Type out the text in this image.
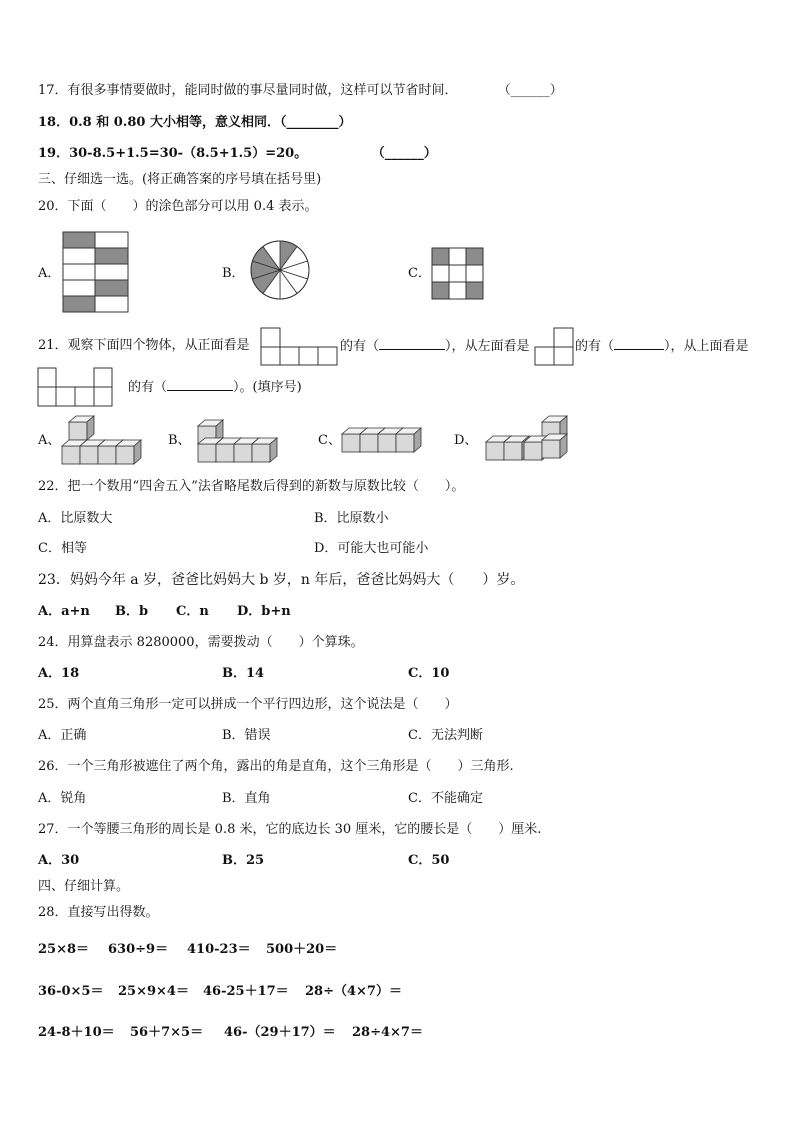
17．有很多事情要做时，能同时做的事尽量同时做，这样可以节省时间．	（______）
18．0.8 和 0.80 大小相等，意义相同．（________）
19．30-8.5+1.5=30-（8.5+1.5）=20。	（______）
三、仔细选一选。(将正确答案的序号填在括号里)
20．下面（　　）的涂色部分可以用 0.4 表示。
A．	B．	C．
21．观察下面四个物体，从正面看是	的有（	），从左面看是	的有（	），从上面看是
的有（	）。(填序号)
A、	B、	C、	D、
22．把一个数用“四舍五入”法省略尾数后得到的新数与原数比较（　　）。
A．比原数大	B．比原数小
C．相等	D．可能大也可能小
23．妈妈今年 a 岁，爸爸比妈妈大 b 岁，n 年后，爸爸比妈妈大（　　）岁。
A．a+n B．b C．n D．b+n
24．用算盘表示 8280000，需要拨动（　　）个算珠。
A．18	B．14	C．10
25．两个直角三角形一定可以拼成一个平行四边形，这个说法是（　　）
A．正确	B．错误	C．无法判断
26．一个三角形被遮住了两个角，露出的角是直角，这个三角形是（　　）三角形.
A．锐角	B．直角	C．不能确定
27．一个等腰三角形的周长是 0.8 米，它的底边长 30 厘米，它的腰长是（　　）厘米.
A．30	B．25	C．50
四、仔细计算。
28．直接写出得数。
25×8＝ 630÷9＝ 410-23＝ 500＋20＝
36-0×5＝ 25×9×4＝ 46-25＋17＝ 28÷（4×7）＝
24-8＋10＝ 56＋7×5＝ 46-（29＋17）＝ 28÷4×7＝
